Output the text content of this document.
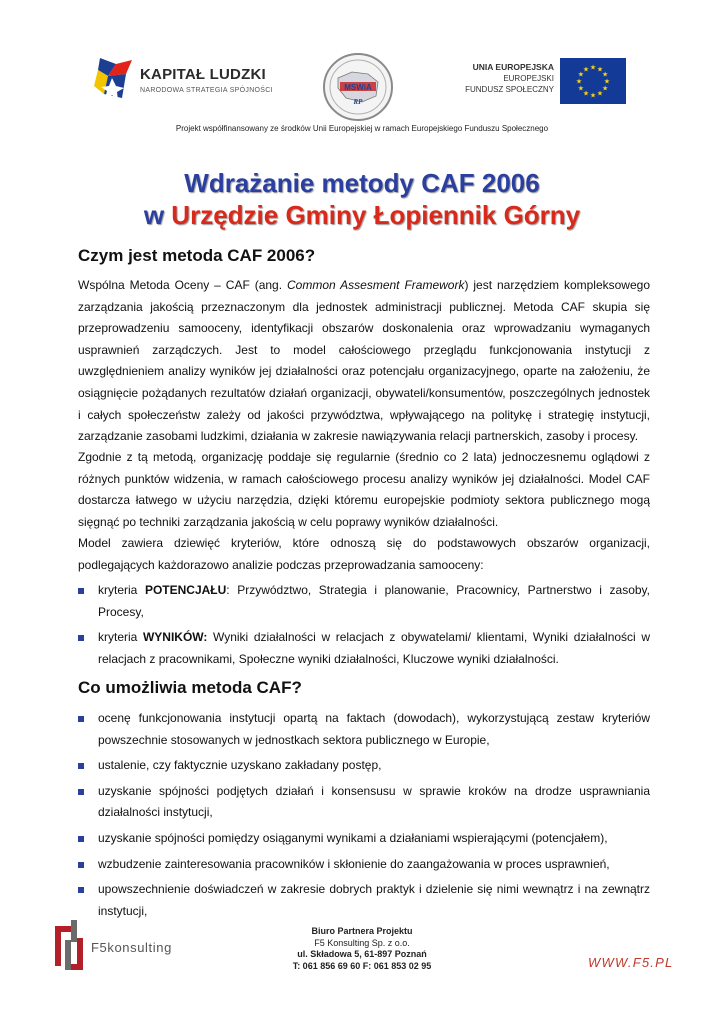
KAPITAŁ LUDZKI
NARODOWA STRATEGIA SPÓJNOŚCI	MSWiA
RP
UNIA EUROPEJSKA
EUROPEJSKI
FUNDUSZ SPOŁECZNY
★
★
★
★
★
★
★
★
★ ★ ★
★
Projekt współfinansowany ze środków Unii Europejskiej w ramach Europejskiego Funduszu Społecznego
Wdrażanie metody CAF 2006
w Urzędzie Gminy Łopiennik Górny
Czym jest metoda CAF 2006?
Wspólna Metoda Oceny – CAF (ang. Common Assesment Framework) jest narzędziem kompleksowego zarządzania jakością przeznaczonym dla jednostek administracji publicznej. Metoda CAF skupia się przeprowadzeniu samooceny, identyfikacji obszarów doskonalenia oraz wprowadzaniu wymaganych usprawnień zarządczych. Jest to model całościowego przeglądu funkcjonowania instytucji z uwzględnieniem analizy wyników jej działalności oraz potencjału organizacyjnego, oparte na założeniu, że osiągnięcie pożądanych rezultatów działań organizacji, obywateli/konsumentów, poszczególnych jednostek i całych społeczeństw zależy od jakości przywództwa, wpływającego na politykę i strategię instytucji, zarządzanie zasobami ludzkimi, działania w zakresie nawiązywania relacji partnerskich, zasoby i procesy.
Zgodnie z tą metodą, organizację poddaje się regularnie (średnio co 2 lata) jednoczesnemu oglądowi z różnych punktów widzenia, w ramach całościowego procesu analizy wyników jej działalności. Model CAF dostarcza łatwego w użyciu narzędzia, dzięki któremu europejskie podmioty sektora publicznego mogą sięgnąć po techniki zarządzania jakością w celu poprawy wyników działalności.
Model zawiera dziewięć kryteriów, które odnoszą się do podstawowych obszarów organizacji, podlegających każdorazowo analizie podczas przeprowadzania samooceny:
kryteria POTENCJAŁU: Przywództwo, Strategia i planowanie, Pracownicy, Partnerstwo i zasoby, Procesy,
kryteria WYNIKÓW: Wyniki działalności w relacjach z obywatelami/ klientami, Wyniki działalności w relacjach z pracownikami, Społeczne wyniki działalności, Kluczowe wyniki działalności.
Co umożliwia metoda CAF?
ocenę funkcjonowania instytucji opartą na faktach (dowodach), wykorzystującą zestaw kryteriów powszechnie stosowanych w jednostkach sektora publicznego w Europie,
ustalenie, czy faktycznie uzyskano zakładany postęp,
uzyskanie spójności podjętych działań i konsensusu w sprawie kroków na drodze usprawniania działalności instytucji,
uzyskanie spójności pomiędzy osiąganymi wynikami a działaniami wspierającymi (potencjałem),
wzbudzenie zainteresowania pracowników i skłonienie do zaangażowania w proces usprawnień,
upowszechnienie doświadczeń w zakresie dobrych praktyk i dzielenie się nimi wewnątrz i na zewnątrz instytucji,
F5konsulting
Biuro Partnera Projektu
F5 Konsulting Sp. z o.o.
ul. Składowa 5, 61-897 Poznań
T: 061 856 69 60 F: 061 853 02 95	WWW.F5.PL
